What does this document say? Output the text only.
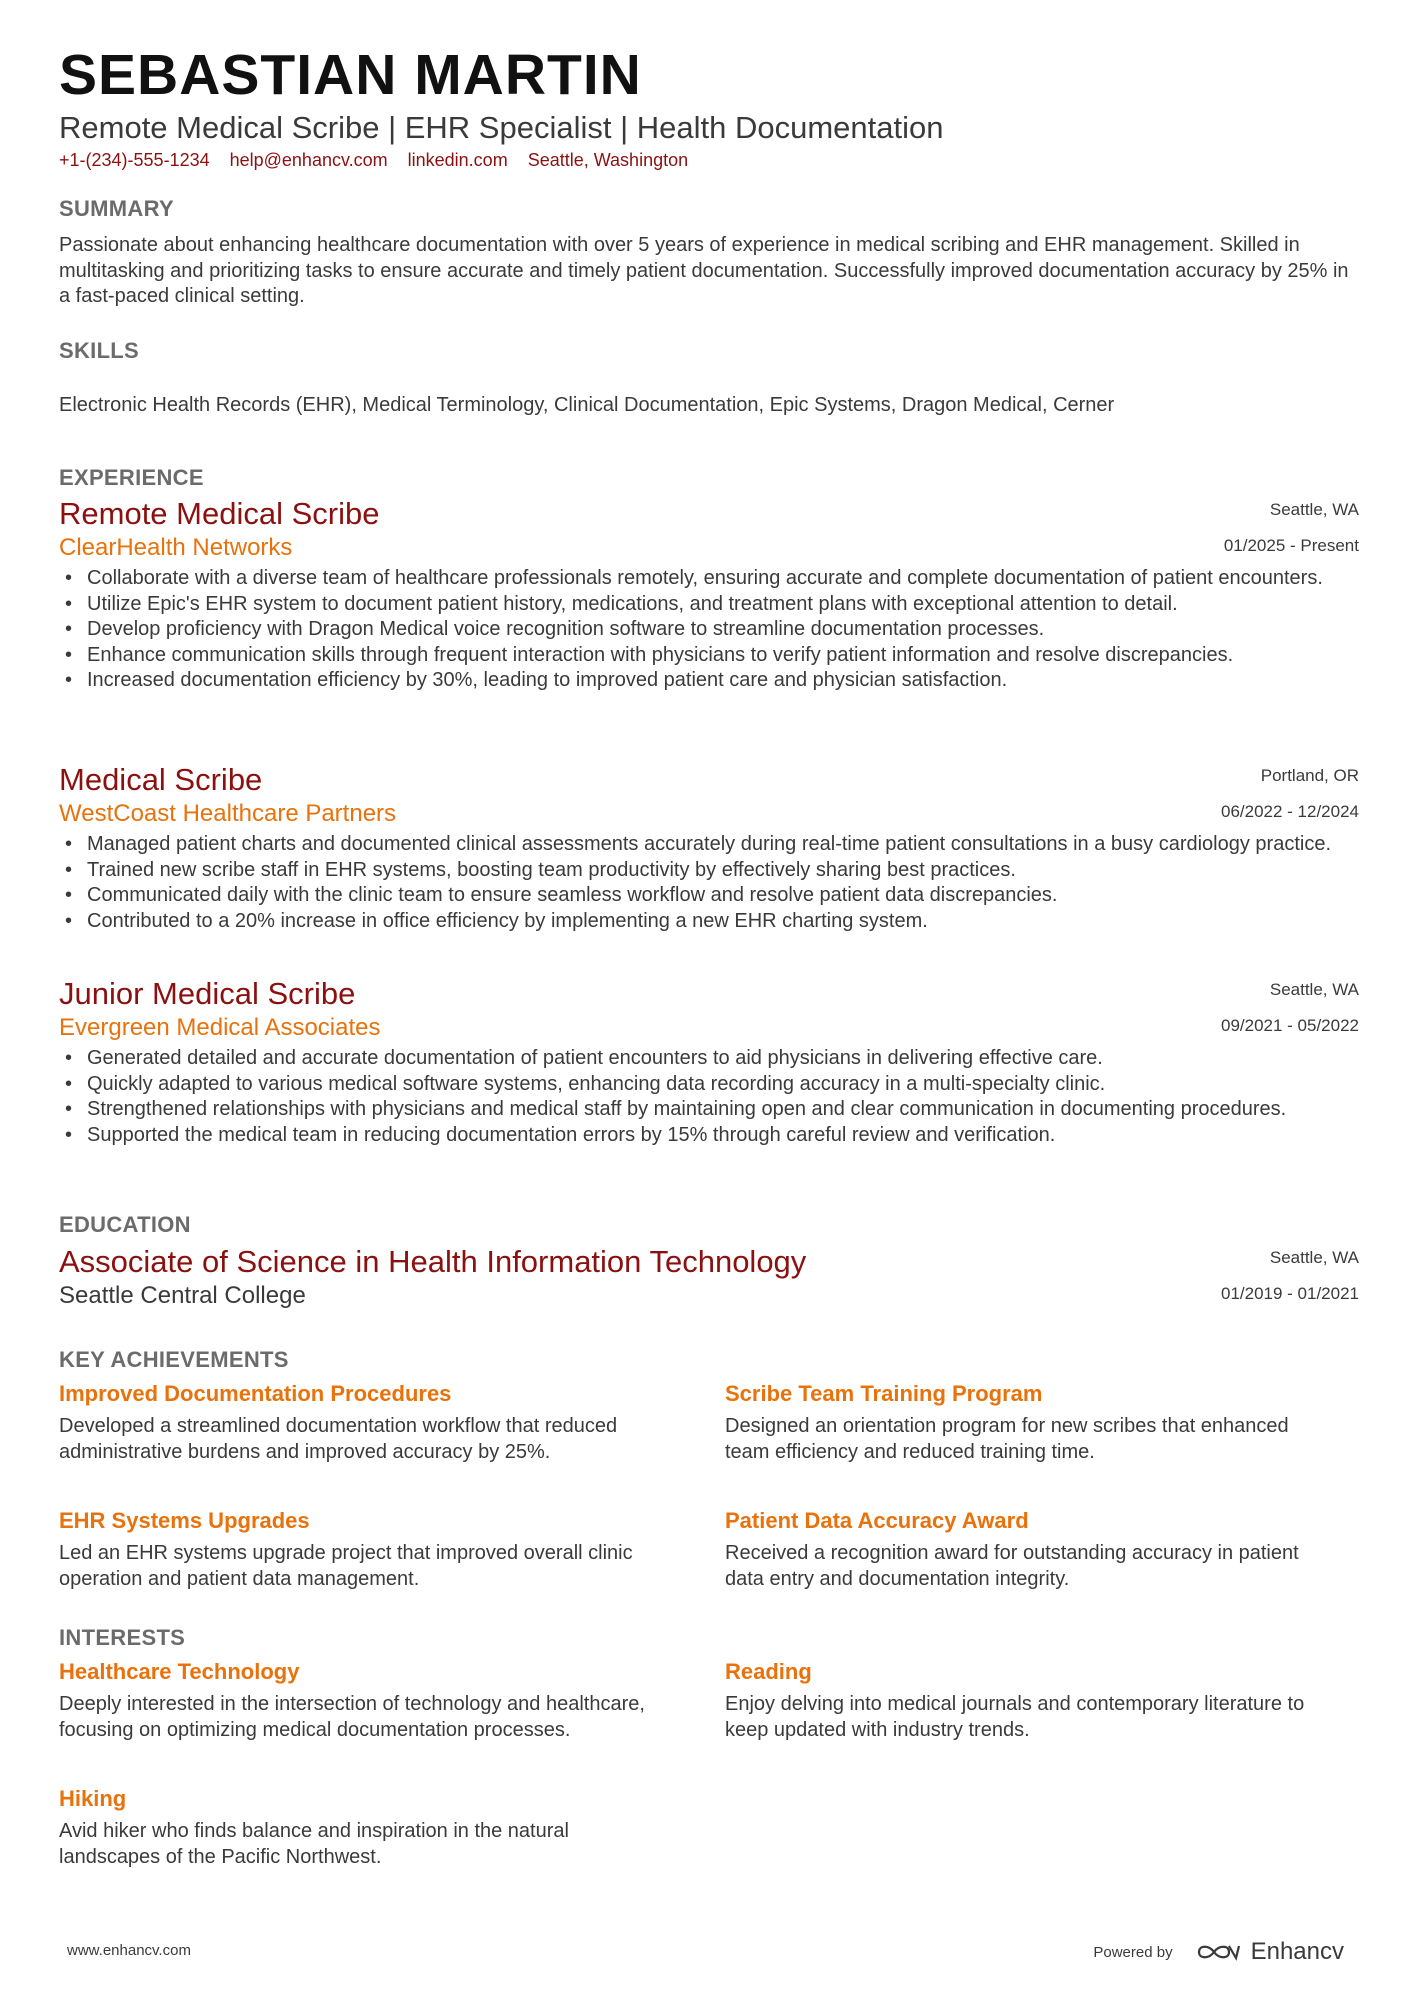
SEBASTIAN MARTIN

Remote Medical Scribe | EHR Specialist | Health Documentation

+1-(234)-555-1234 help@enhancv.com linkedin.com Seattle, Washington
SUMMARY

Passionate about enhancing healthcare documentation with over 5 years of experience in medical scribing and EHR management. Skilled in multitasking and prioritizing tasks to ensure accurate and timely patient documentation. Successfully improved documentation accuracy by 25% in a fast-paced clinical setting.

SKILLS

Electronic Health Records (EHR), Medical Terminology, Clinical Documentation, Epic Systems, Dragon Medical, Cerner

EXPERIENCE

Remote Medical Scribe

ClearHealth Networks

Seattle, WA
01/2025 - Present
• Collaborate with a diverse team of healthcare professionals remotely, ensuring accurate and complete documentation of patient encounters.
• Utilize Epic's EHR system to document patient history, medications, and treatment plans with exceptional attention to detail.
• Develop proficiency with Dragon Medical voice recognition software to streamline documentation processes.
• Enhance communication skills through frequent interaction with physicians to verify patient information and resolve discrepancies.
• Increased documentation efficiency by 30%, leading to improved patient care and physician satisfaction.

Medical Scribe

WestCoast Healthcare Partners

Portland, OR
06/2022 - 12/2024
• Managed patient charts and documented clinical assessments accurately during real-time patient consultations in a busy cardiology practice.
• Trained new scribe staff in EHR systems, boosting team productivity by effectively sharing best practices.
• Communicated daily with the clinic team to ensure seamless workflow and resolve patient data discrepancies.
• Contributed to a 20% increase in office efficiency by implementing a new EHR charting system.

Junior Medical Scribe

Evergreen Medical Associates

Seattle, WA
09/2021 - 05/2022
• Generated detailed and accurate documentation of patient encounters to aid physicians in delivering effective care.
• Quickly adapted to various medical software systems, enhancing data recording accuracy in a multi-specialty clinic.
• Strengthened relationships with physicians and medical staff by maintaining open and clear communication in documenting procedures.
• Supported the medical team in reducing documentation errors by 15% through careful review and verification.
EDUCATION

Associate of Science in Health Information Technology

Seattle Central College

Seattle, WA
01/2019 - 01/2021
KEY ACHIEVEMENTS

Improved Documentation Procedures

Developed a streamlined documentation workflow that reduced administrative burdens and improved accuracy by 25%.

Scribe Team Training Program

Designed an orientation program for new scribes that enhanced team efficiency and reduced training time.

EHR Systems Upgrades

Led an EHR systems upgrade project that improved overall clinic operation and patient data management.

Patient Data Accuracy Award

Received a recognition award for outstanding accuracy in patient data entry and documentation integrity.

INTERESTS

Healthcare Technology

Deeply interested in the intersection of technology and healthcare, focusing on optimizing medical documentation processes.

Reading

Enjoy delving into medical journals and contemporary literature to keep updated with industry trends.

Hiking

Avid hiker who finds balance and inspiration in the natural landscapes of the Pacific Northwest.

www.enhancv.com	Powered by	Enhancv
